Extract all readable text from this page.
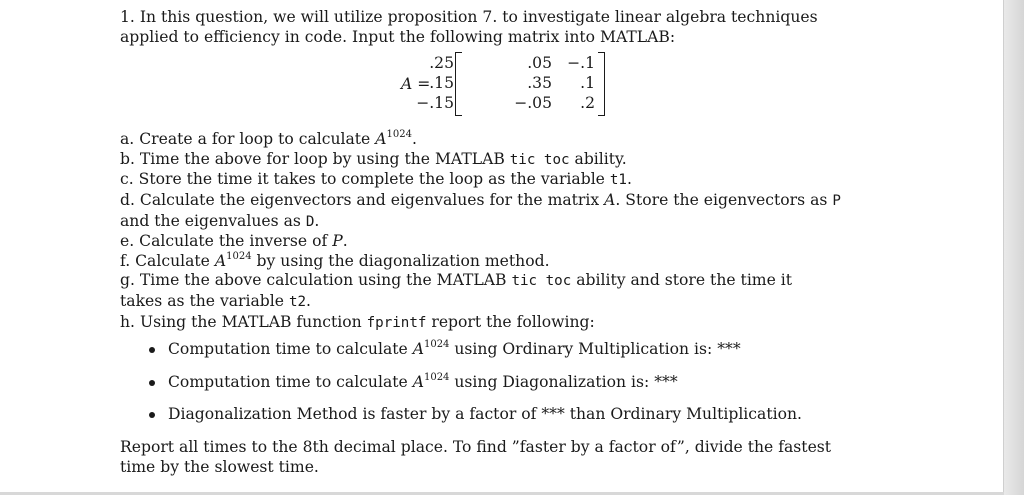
1. In this question, we will utilize proposition 7. to investigate linear algebra techniques

applied to efficiency in code. Input the following matrix into MATLAB:

A =
.25	.05 −.1
.15	.35	.1
−.15	−.05	.2

a. Create a for loop to calculate $A^{1024}$.

b. Time the above for loop by using the MATLAB tic toc ability.

c. Store the time it takes to complete the loop as the variable t1.

d. Calculate the eigenvectors and eigenvalues for the matrix A. Store the eigenvectors as P

and the eigenvalues as D.

e. Calculate the inverse of P.

f. Calculate $A^{1024}$ by using the diagonalization method.

g. Time the above calculation using the MATLAB tic toc ability and store the time it

takes as the variable t2.

h. Using the MATLAB function fprintf report the following:

Computation time to calculate $A^{1024}$ using Ordinary Multiplication is: ***
Computation time to calculate $A^{1024}$ using Diagonalization is: ***
Diagonalization Method is faster by a factor of *** than Ordinary Multiplication.

Report all times to the 8th decimal place. To find ”faster by a factor of”, divide the fastest

time by the slowest time.
